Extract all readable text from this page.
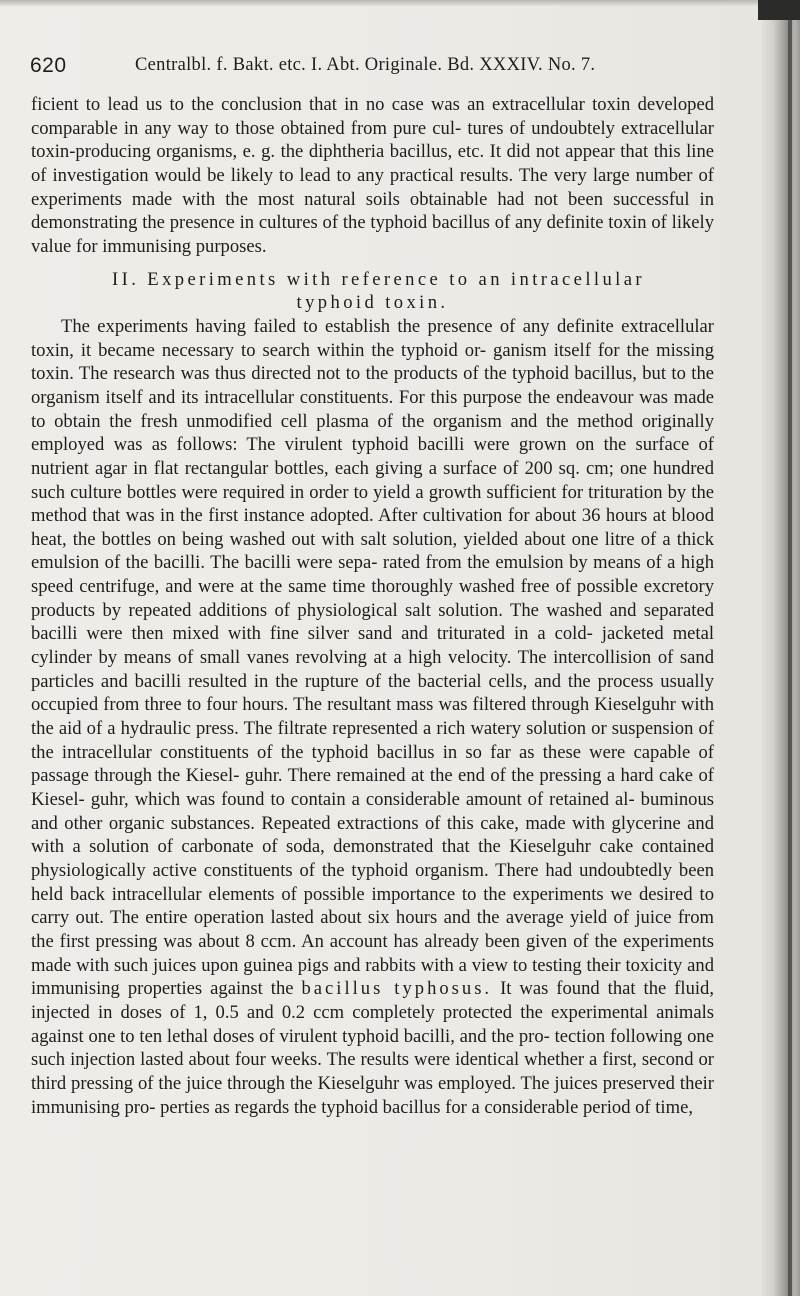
620	Centralbl. f. Bakt. etc. I. Abt. Originale. Bd. XXXIV. No. 7.

ficient to lead us to the conclusion that in no case was an extracellular toxin developed comparable in any way to those obtained from pure cul- tures of undoubtely extracellular toxin-producing organisms, e. g. the diphtheria bacillus, etc. It did not appear that this line of investigation would be likely to lead to any practical results. The very large number of experiments made with the most natural soils obtainable had not been successful in demonstrating the presence in cultures of the typhoid bacillus of any definite toxin of likely value for immunising purposes.

II. Experiments with reference to an intracellular
typhoid toxin.

The experiments having failed to establish the presence of any definite extracellular toxin, it became necessary to search within the typhoid or- ganism itself for the missing toxin. The research was thus directed not to the products of the typhoid bacillus, but to the organism itself and its intracellular constituents. For this purpose the endeavour was made to obtain the fresh unmodified cell plasma of the organism and the method originally employed was as follows: The virulent typhoid bacilli were grown on the surface of nutrient agar in flat rectangular bottles, each giving a surface of 200 sq. cm; one hundred such culture bottles were required in order to yield a growth sufficient for trituration by the method that was in the first instance adopted. After cultivation for about 36 hours at blood heat, the bottles on being washed out with salt solution, yielded about one litre of a thick emulsion of the bacilli. The bacilli were sepa- rated from the emulsion by means of a high speed centrifuge, and were at the same time thoroughly washed free of possible excretory products by repeated additions of physiological salt solution. The washed and separated bacilli were then mixed with fine silver sand and triturated in a cold- jacketed metal cylinder by means of small vanes revolving at a high velocity. The intercollision of sand particles and bacilli resulted in the rupture of the bacterial cells, and the process usually occupied from three to four hours. The resultant mass was filtered through Kieselguhr with the aid of a hydraulic press. The filtrate represented a rich watery solution or suspension of the intracellular constituents of the typhoid bacillus in so far as these were capable of passage through the Kiesel- guhr. There remained at the end of the pressing a hard cake of Kiesel- guhr, which was found to contain a considerable amount of retained al- buminous and other organic substances. Repeated extractions of this cake, made with glycerine and with a solution of carbonate of soda, demonstrated that the Kieselguhr cake contained physiologically active constituents of the typhoid organism. There had undoubtedly been held back intracellular elements of possible importance to the experiments we desired to carry out. The entire operation lasted about six hours and the average yield of juice from the first pressing was about 8 ccm. An account has already been given of the experiments made with such juices upon guinea pigs and rabbits with a view to testing their toxicity and immunising properties against the bacillus typhosus. It was found that the fluid, injected in doses of 1, 0.5 and 0.2 ccm completely protected the experimental animals against one to ten lethal doses of virulent typhoid bacilli, and the pro- tection following one such injection lasted about four weeks. The results were identical whether a first, second or third pressing of the juice through the Kieselguhr was employed. The juices preserved their immunising pro- perties as regards the typhoid bacillus for a considerable period of time,
